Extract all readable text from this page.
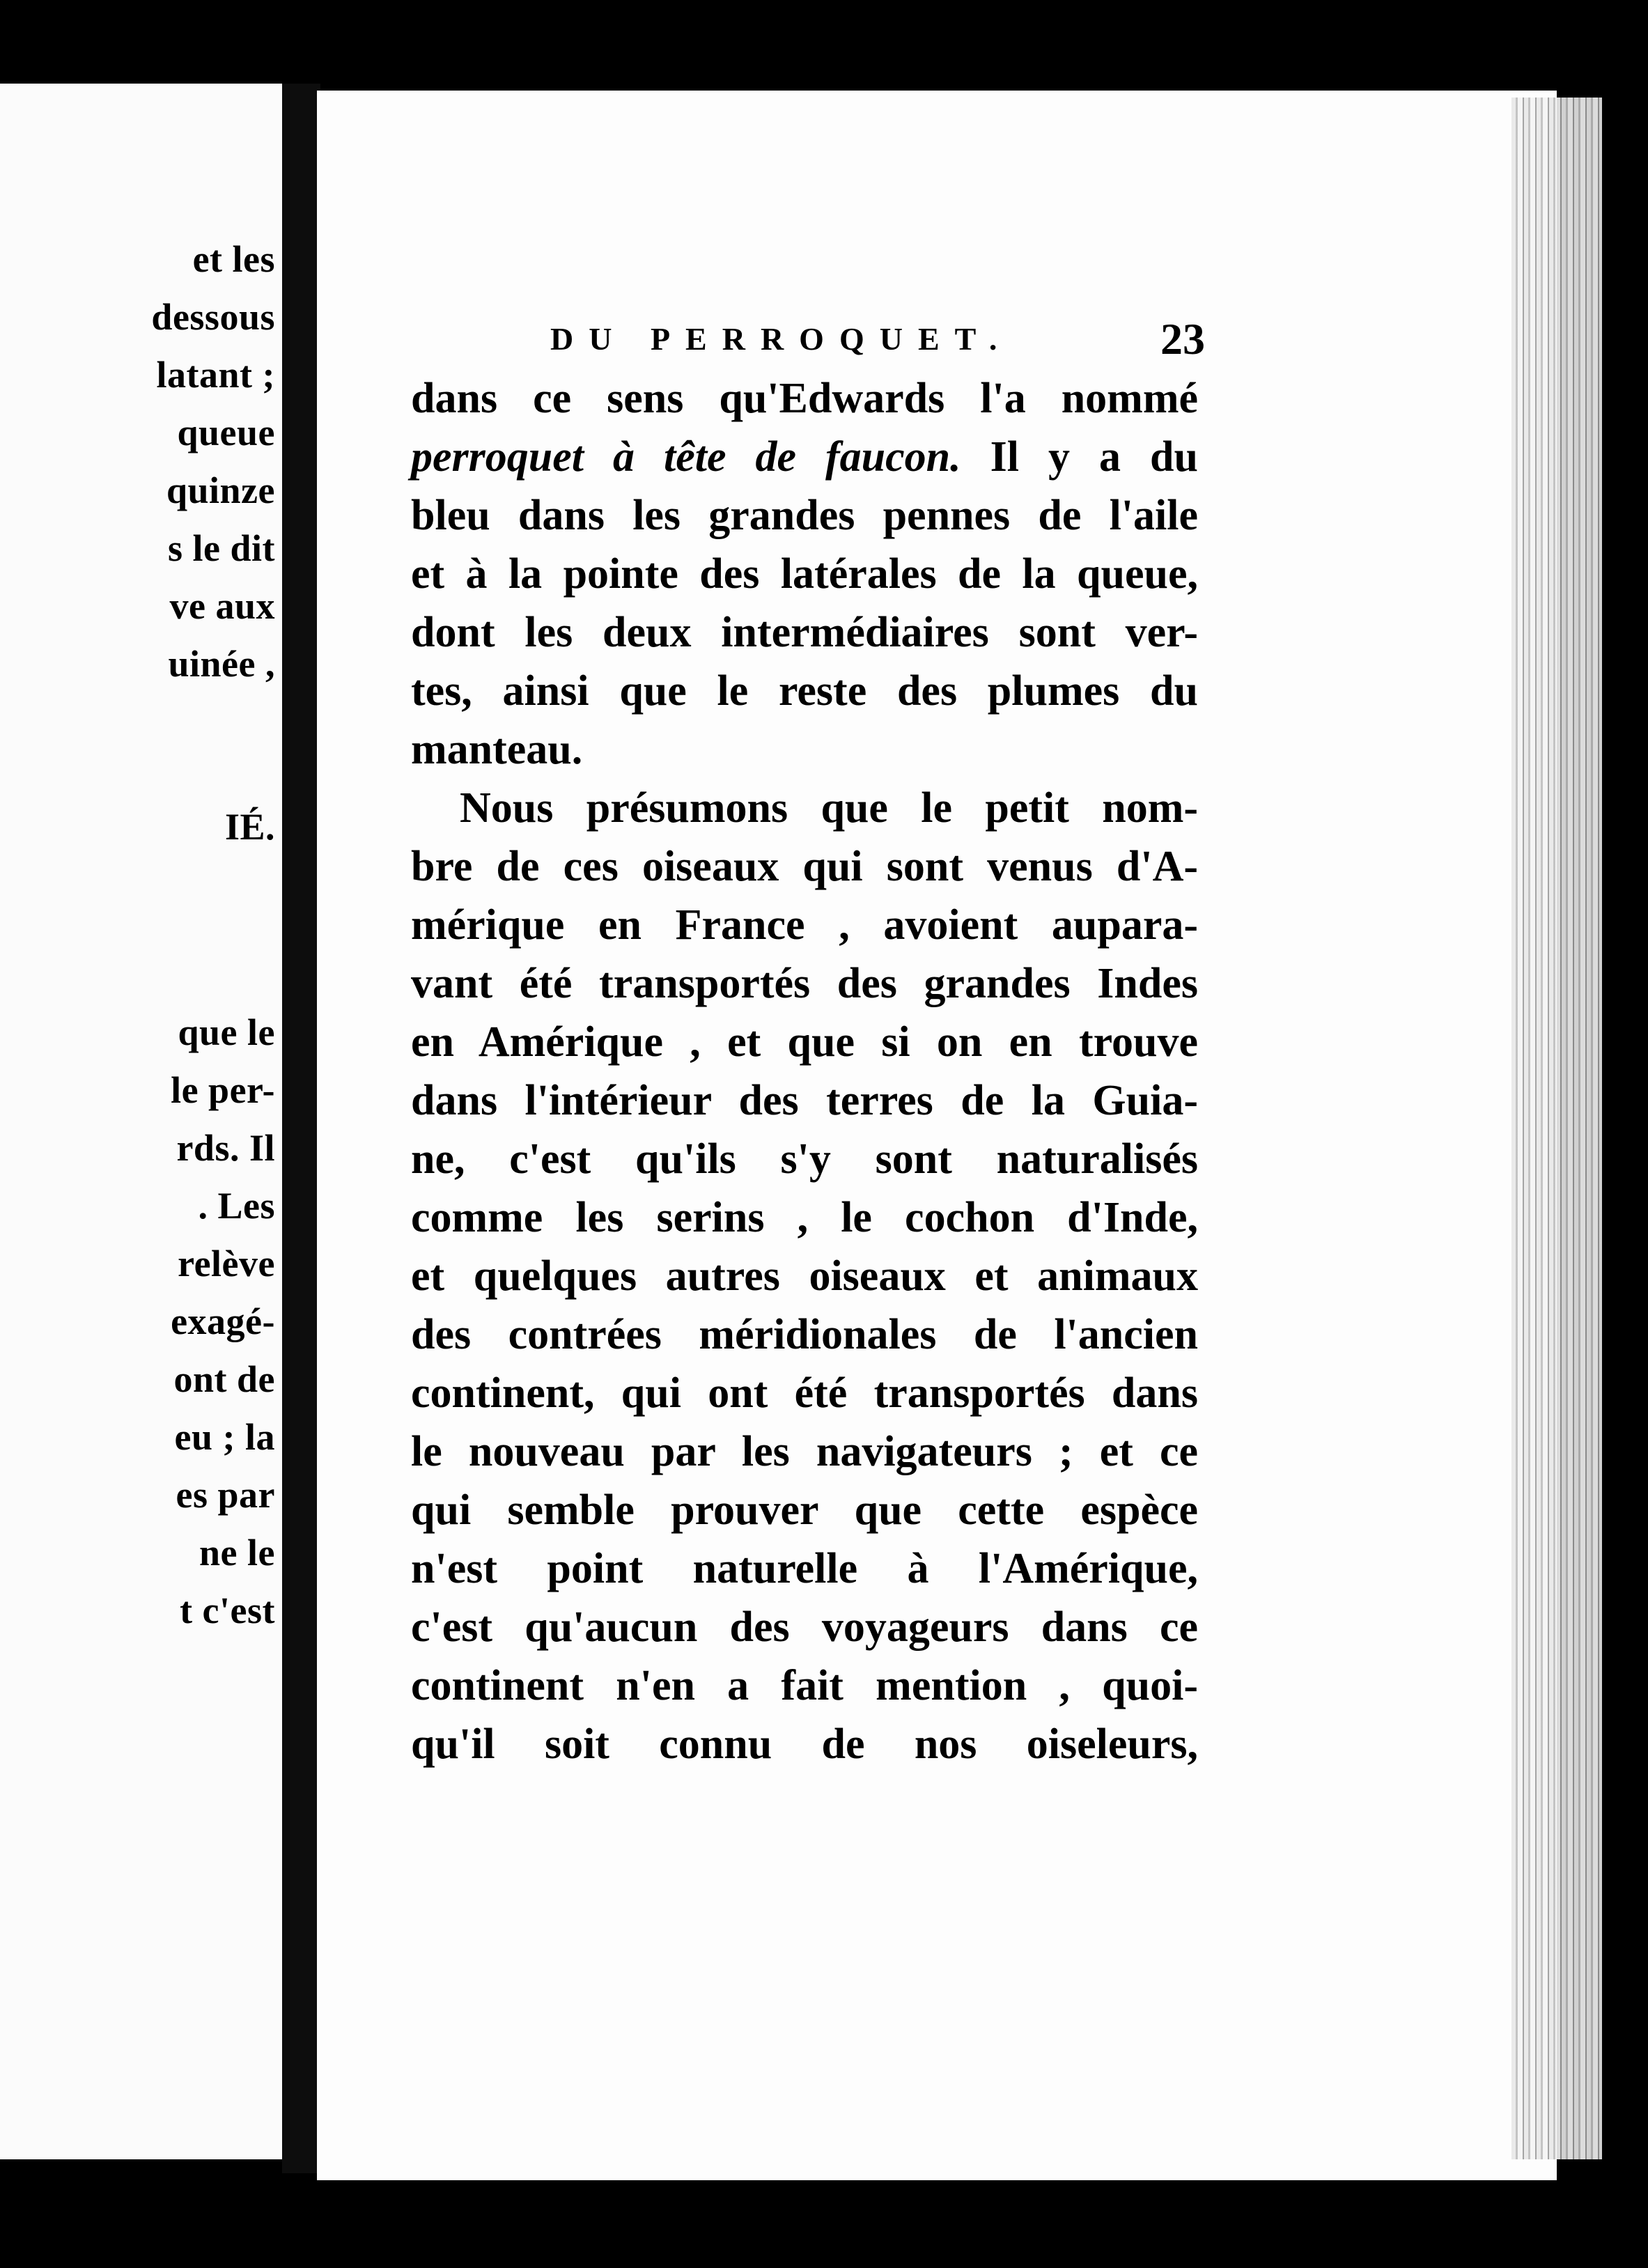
et les
dessous
latant ;
queue
quinze
s le dit
ve aux
uinée ,
IÉ.
que le
le per-
rds. Il
. Les
relève
exagé-
ont de
eu ; la
es par
ne le
t c'est
DU PERROQUET.	23
dans ce sens qu'Edwards l'a nommé
perroquet à tête de faucon. Il y a du
bleu dans les grandes pennes de l'aile
et à la pointe des latérales de la queue,
dont les deux intermédiaires sont ver-
tes, ainsi que le reste des plumes du
manteau.
Nous présumons que le petit nom-
bre de ces oiseaux qui sont venus d'A-
mérique en France , avoient aupara-
vant été transportés des grandes Indes
en Amérique , et que si on en trouve
dans l'intérieur des terres de la Guia-
ne, c'est qu'ils s'y sont naturalisés
comme les serins , le cochon d'Inde,
et quelques autres oiseaux et animaux
des contrées méridionales de l'ancien
continent, qui ont été transportés dans
le nouveau par les navigateurs ; et ce
qui semble prouver que cette espèce
n'est point naturelle à l'Amérique,
c'est qu'aucun des voyageurs dans ce
continent n'en a fait mention , quoi-
qu'il soit connu de nos oiseleurs,
